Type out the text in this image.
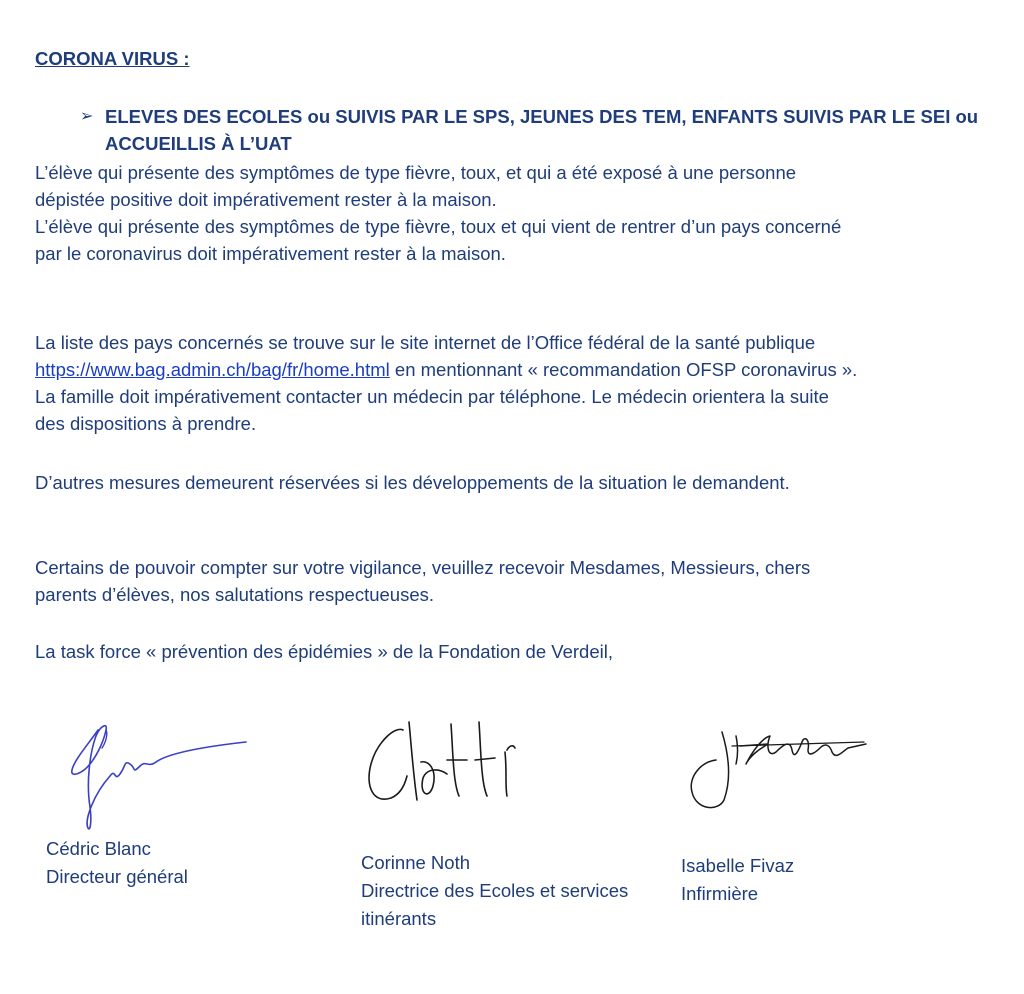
CORONA VIRUS :
➢ ELEVES DES ECOLES ou SUIVIS PAR LE SPS, JEUNES DES TEM, ENFANTS SUIVIS PAR LE SEI ou
ACCUEILLIS À L’UAT
L’élève qui présente des symptômes de type fièvre, toux, et qui a été exposé à une personne
dépistée positive doit impérativement rester à la maison.
L’élève qui présente des symptômes de type fièvre, toux et qui vient de rentrer d’un pays concerné
par le coronavirus doit impérativement rester à la maison.
La liste des pays concernés se trouve sur le site internet de l’Office fédéral de la santé publique
https://www.bag.admin.ch/bag/fr/home.html en mentionnant « recommandation OFSP coronavirus ».
La famille doit impérativement contacter un médecin par téléphone. Le médecin orientera la suite
des dispositions à prendre.
D’autres mesures demeurent réservées si les développements de la situation le demandent.
Certains de pouvoir compter sur votre vigilance, veuillez recevoir Mesdames, Messieurs, chers
parents d’élèves, nos salutations respectueuses.
La task force « prévention des épidémies » de la Fondation de Verdeil,
Cédric Blanc
Directeur général
Corinne Noth
Directrice des Ecoles et services
itinérants
Isabelle Fivaz
Infirmière
